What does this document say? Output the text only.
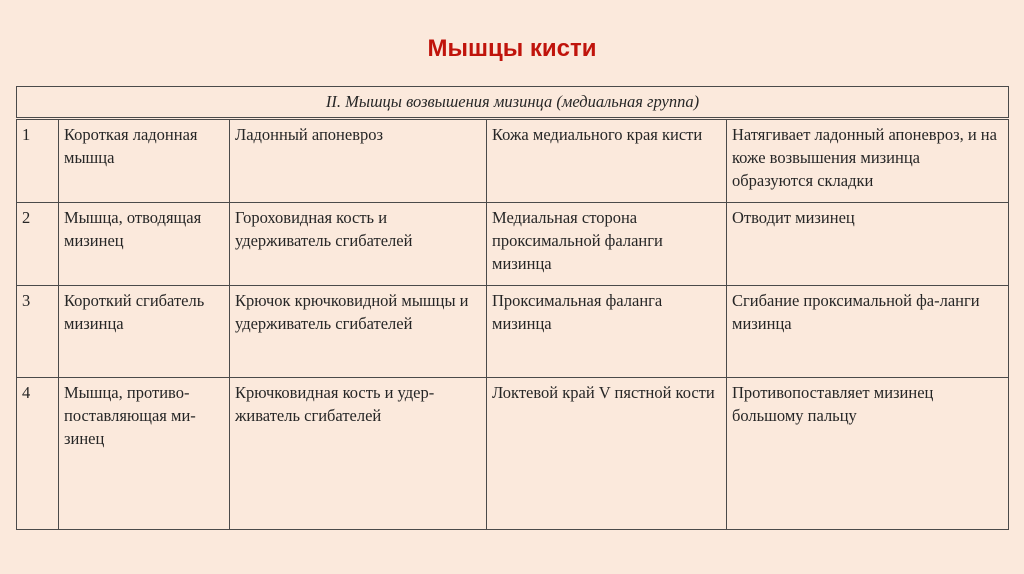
Мышцы кисти
II. Мышцы возвышения мизинца (медиальная группа)				
1	Короткая ладонная мышца	Ладонный апоневроз	Кожа медиального края кисти	Натягивает ладонный апоневроз, и на коже возвышения мизинца образуются складки
2	Мышца, отводящая мизинец	Гороховидная кость и удерживатель сгибателей	Медиальная сторона проксимальной фаланги мизинца	Отводит мизинец
3	Короткий сгибатель мизинца	Крючок крючковидной мышцы и удерживатель сгибателей	Проксимальная фаланга мизинца	Сгибание проксимальной фа-ланги мизинца
4	Мышца, противо-поставляющая ми-зинец	Крючковидная кость и удер-живатель сгибателей	Локтевой край V пястной кости	Противопоставляет мизинец большому пальцу
